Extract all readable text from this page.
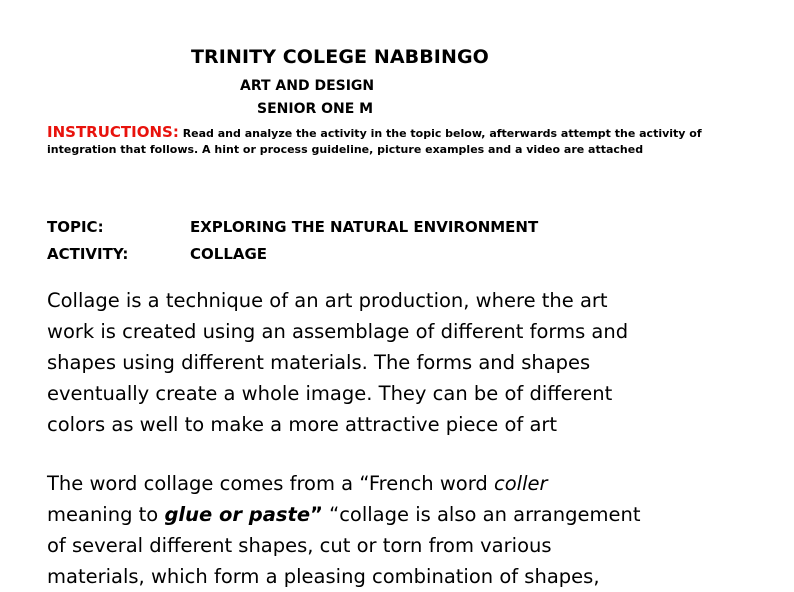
TRINITY COLEGE NABBINGO
ART AND DESIGN
SENIOR ONE M
INSTRUCTIONS: Read and analyze the activity in the topic below, afterwards attempt the activity of integration that follows. A hint or process guideline, picture examples and a video are attached
TOPIC:	EXPLORING THE NATURAL ENVIRONMENT
ACTIVITY:	COLLAGE
Collage is a technique of an art production, where the art
work is created using an assemblage of different forms and
shapes using different materials. The forms and shapes
eventually create a whole image. They can be of different
colors as well to make a more attractive piece of art
The word collage comes from a “French word coller
meaning to glue or paste” “collage is also an arrangement
of several different shapes, cut or torn from various
materials, which form a pleasing combination of shapes,
